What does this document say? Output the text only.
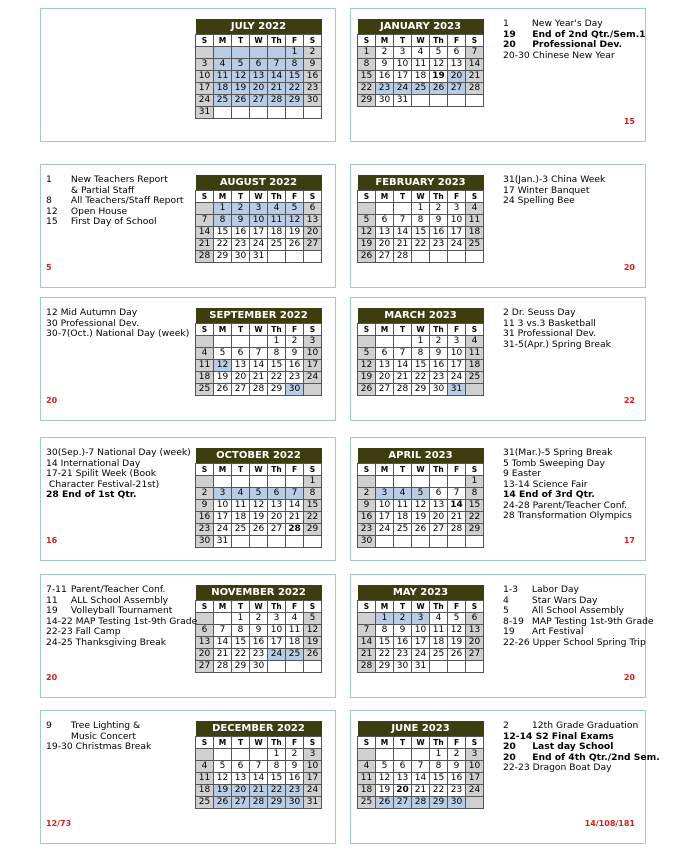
JULY 2022						
S	M	T	W	Th	F	S
					1	2
3	4	5	6	7	8	9
10	11	12	13	14	15	16
17	18	19	20	21	22	23
24	25	26	27	28	29	30
31						
JANUARY 2023						
S	M	T	W	Th	F	S
1	2	3	4	5	6	7
8	9	10	11	12	13	14
15	16	17	18	19	20	21
22	23	24	25	26	27	28
29	30	31				
1 New Year's Day
19 End of 2nd Qtr./Sem.1
20 Professional Dev.
20-30 Chinese New Year
15
AUGUST 2022						
S	M	T	W	Th	F	S
	1	2	3	4	5	6
7	8	9	10	11	12	13
14	15	16	17	18	19	20
21	22	23	24	25	26	27
28	29	30	31			
1 New Teachers Report
& Partial Staff
8 All Teachers/Staff Report
12 Open House
15 First Day of School
5
FEBRUARY 2023						
S	M	T	W	Th	F	S
			1	2	3	4
5	6	7	8	9	10	11
12	13	14	15	16	17	18
19	20	21	22	23	24	25
26	27	28				
31(Jan.)-3 China Week
17 Winter Banquet
24 Spelling Bee
20
SEPTEMBER 2022						
S	M	T	W	Th	F	S
				1	2	3
4	5	6	7	8	9	10
11	12	13	14	15	16	17
18	19	20	21	22	23	24
25	26	27	28	29	30	
12 Mid Autumn Day
30 Professional Dev.
30-7(Oct.) National Day (week)
20
MARCH 2023						
S	M	T	W	Th	F	S
			1	2	3	4
5	6	7	8	9	10	11
12	13	14	15	16	17	18
19	20	21	22	23	24	25
26	27	28	29	30	31	
2 Dr. Seuss Day
11 3 vs.3 Basketball
31 Professional Dev.
31-5(Apr.) Spring Break
22
OCTOBER 2022						
S	M	T	W	Th	F	S
						1
2	3	4	5	6	7	8
9	10	11	12	13	14	15
16	17	18	19	20	21	22
23	24	25	26	27	28	29
30	31					
30(Sep.)-7 National Day (week)
14 International Day
17-21 Spilit Week (Book
Character Festival-21st)
28 End of 1st Qtr.
16
APRIL 2023						
S	M	T	W	Th	F	S
						1
2	3	4	5	6	7	8
9	10	11	12	13	14	15
16	17	18	19	20	21	22
23	24	25	26	27	28	29
30						
31(Mar.)-5 Spring Break
5 Tomb Sweeping Day
9 Easter
13-14 Science Fair
14 End of 3rd Qtr.
24-28 Parent/Teacher Conf.
28 Transformation Olympics
17
NOVEMBER 2022						
S	M	T	W	Th	F	S
		1	2	3	4	5
6	7	8	9	10	11	12
13	14	15	16	17	18	19
20	21	22	23	24	25	26
27	28	29	30			
7-11 Parent/Teacher Conf.
11 ALL School Assembly
19 Volleyball Tournament
14-22 MAP Testing 1st-9th Grade
22-23 Fall Camp
24-25 Thanksgiving Break
20
MAY 2023						
S	M	T	W	Th	F	S
	1	2	3	4	5	6
7	8	9	10	11	12	13
14	15	16	17	18	19	20
21	22	23	24	25	26	27
28	29	30	31			
1-3 Labor Day
4 Star Wars Day
5 All School Assembly
8-19 MAP Testing 1st-9th Grade
19 Art Festival
22-26 Upper School Spring Trip
20
DECEMBER 2022						
S	M	T	W	Th	F	S
				1	2	3
4	5	6	7	8	9	10
11	12	13	14	15	16	17
18	19	20	21	22	23	24
25	26	27	28	29	30	31
9 Tree Lighting &
Music Concert
19-30 Christmas Break
12/73
JUNE 2023						
S	M	T	W	Th	F	S
				1	2	3
4	5	6	7	8	9	10
11	12	13	14	15	16	17
18	19	20	21	22	23	24
25	26	27	28	29	30	
2 12th Grade Graduation
12-14 S2 Final Exams
20 Last day School
20 End of 4th Qtr./2nd Sem.
22-23 Dragon Boat Day
14/108/181
